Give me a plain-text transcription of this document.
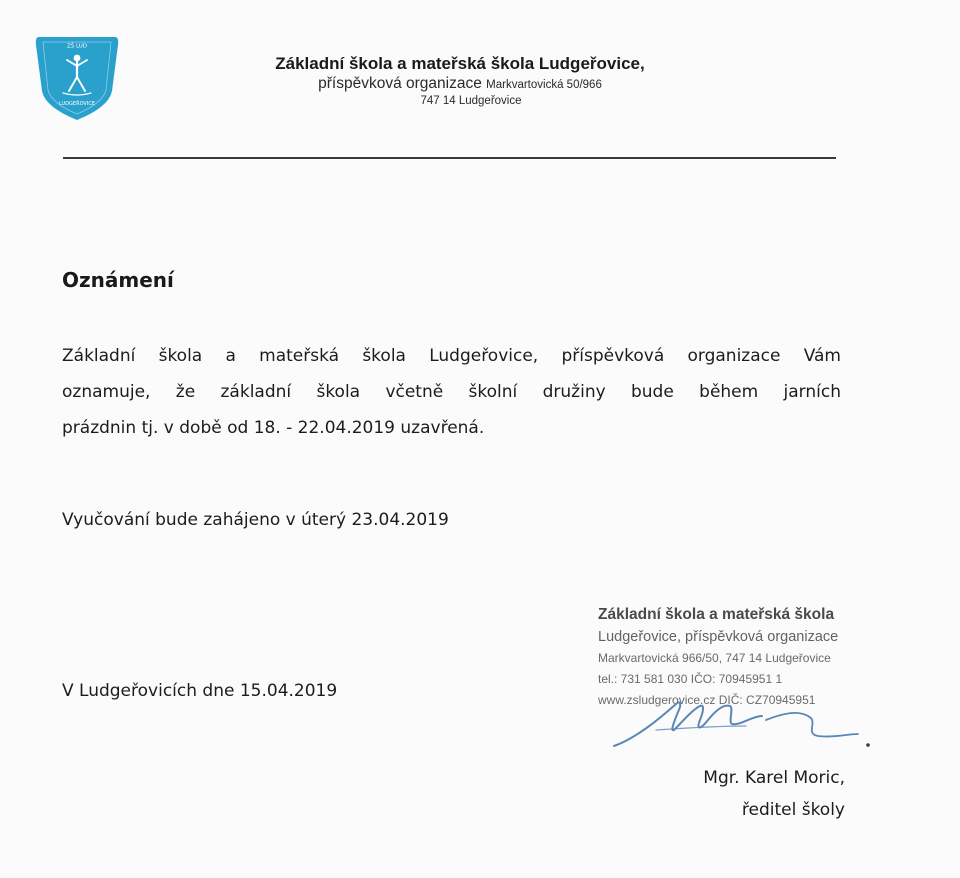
ZŠ LUD
LUDGEŘOVICE
Základní škola a mateřská škola Ludgeřovice,
příspěvková organizace Markvartovická 50/966
747 14 Ludgeřovice
Oznámení
Základní škola a mateřská škola Ludgeřovice, příspěvková organizace Vám
oznamuje, že základní škola včetně školní družiny bude během jarních
prázdnin tj. v době od 18. - 22.04.2019 uzavřená.
Vyučování bude zahájeno v úterý 23.04.2019
V Ludgeřovicích dne 15.04.2019
Základní škola a mateřská škola
Ludgeřovice, příspěvková organizace
Markvartovická 966/50, 747 14 Ludgeřovice
tel.: 731 581 030 IČO: 70945951 1
www.zsludgerovice.cz DIČ: CZ70945951
Mgr. Karel Moric,
ředitel školy
